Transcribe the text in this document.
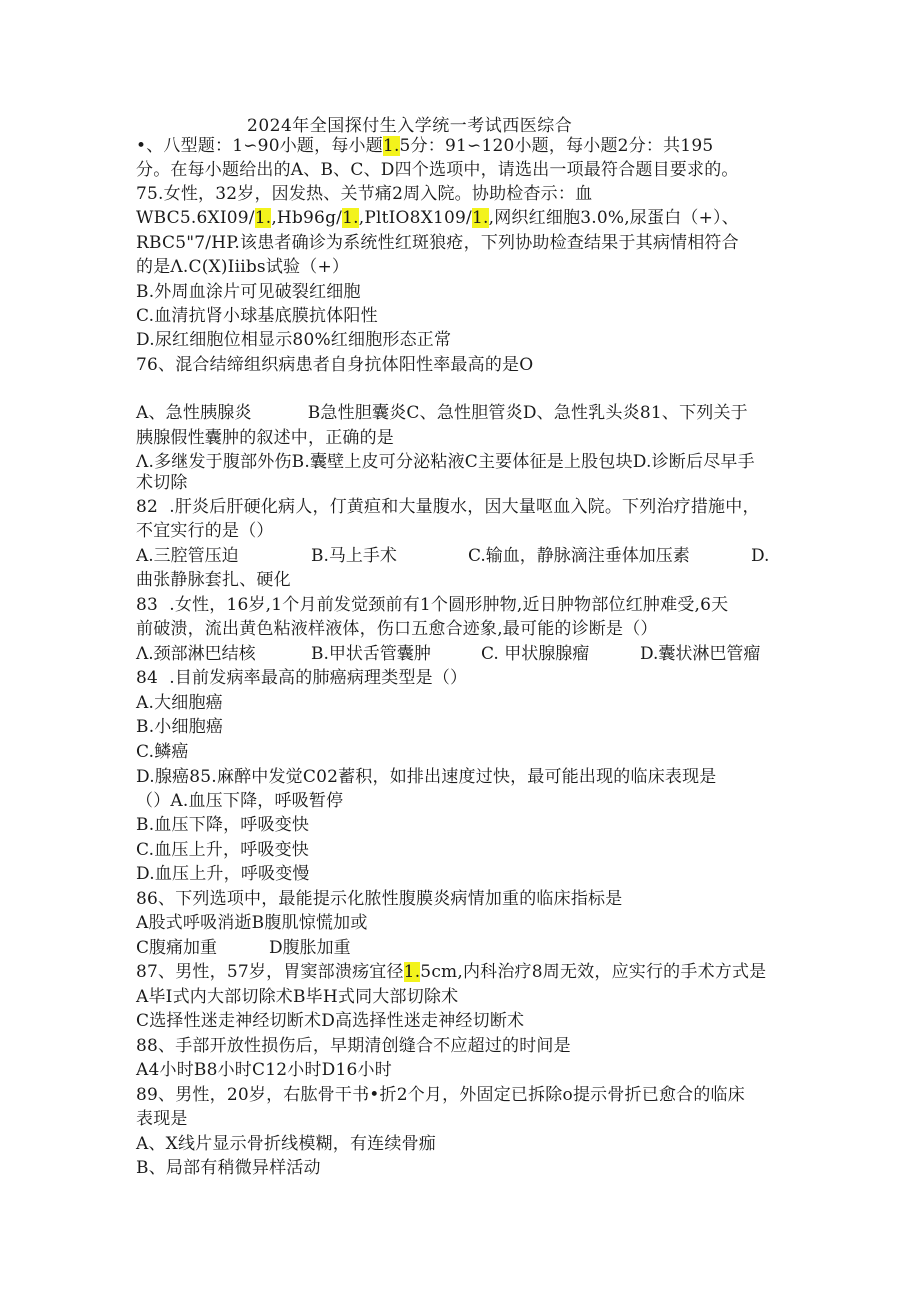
2024年全国探付生入学统一考试西医综合
•、八型题：1∽90小题，每小题1.5分：91∽120小题，每小题2分：共195
分。在每小题给出的A、B、C、D四个选项中，请选出一项最符合题目要求的。
75.女性，32岁，因发热、关节痛2周入院。协助检杳示：血
WBC5.6XI09/1.,Hb96g/1.,PltIO8X109/1.,网织红细胞3.0%,尿蛋白（+）、
RBC5"7/HP.该患者确诊为系统性红斑狼疮，下列协助检查结果于其病情相符合
的是Λ.C(X)Iiibs试验（+）
B.外周血涂片可见破裂红细胞
C.血清抗肾小球基底膜抗体阳性
D.尿红细胞位相显示80%红细胞形态正常
76、混合结缔组织病患者自身抗体阳性率最高的是O
A、急性胰腺炎          B急性胆囊炎C、急性胆管炎D、急性乳头炎81、下列关于
胰腺假性囊肿的叙述中，正确的是
Λ.多继发于腹部外伤B.囊壁上皮可分泌粘液C主要体征是上股包块D.诊断后尽早手
术切除
82  .肝炎后肝硬化病人，仃黄疸和大量腹水，因大量呕血入院。下列治疗措施中，
不宜实行的是（）
A.三腔管压迫	B.马上手术	C.输血，静脉滴注垂体加压素	D.
曲张静脉套扎、硬化
83  .女性，16岁,1个月前发觉颈前有1个圆形肿物,近日肿物部位红肿难受,6天
前破溃，流出黄色粘液样液体，伤口五愈合迹象,最可能的诊断是（）
Λ.颈部淋巴结核	B.甲状舌管囊肿	C. 甲状腺腺瘤	D.囊状淋巴管瘤
84  .目前发病率最高的肺癌病理类型是（）
A.大细胞癌
B.小细胞癌
C.鳞癌
D.腺癌85.麻醉中发觉C02蓄积，如排出速度过快，最可能出现的临床表现是
（）A.血压下降，呼吸暂停
B.血压下降，呼吸变快
C.血压上升，呼吸变快
D.血压上升，呼吸变慢
86、下列选项中，最能提示化脓性腹膜炎病情加重的临床指标是
A股式呼吸消逝B腹肌惊慌加或
C腹痛加重	D腹胀加重
87、男性，57岁，胃窦部溃疡宜径1.5cm,内科治疗8周无效，应实行的手术方式是
A毕I式内大部切除术B毕H式同大部切除术
C选择性迷走神经切断术D高选择性迷走神经切断术
88、手部开放性损伤后，早期清创缝合不应超过的时间是
A4小时B8小时C12小时D16小时
89、男性，20岁，右肱骨干书•折2个月，外固定已拆除o提示骨折已愈合的临床
表现是
A、X线片显示骨折线模糊，有连续骨痂
B、局部有稍微异样活动
